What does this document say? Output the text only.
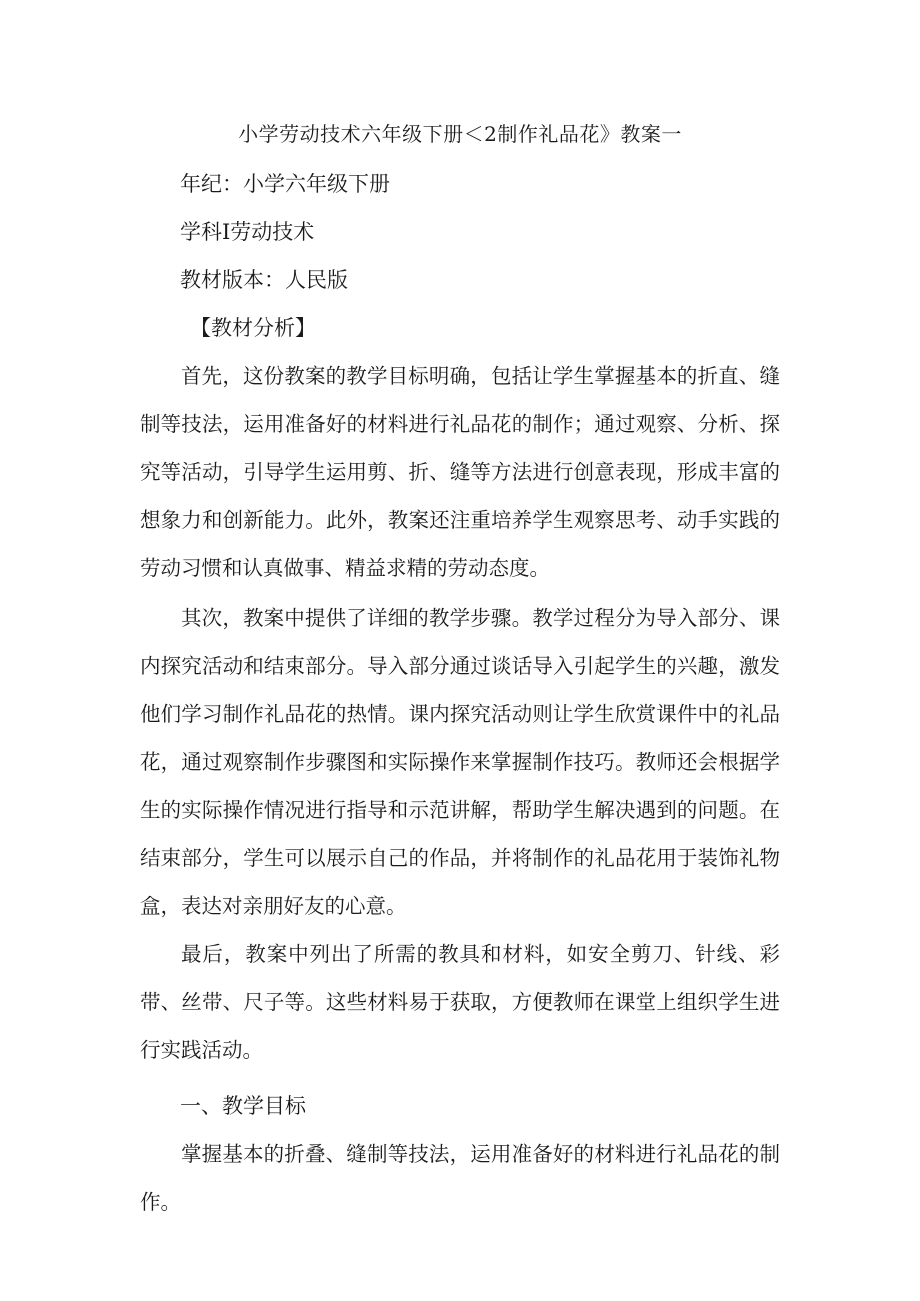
小学劳动技术六年级下册＜2制作礼品花》教案一
年纪：小学六年级下册
学科I劳动技术
教材版本：人民版
【教材分析】

首先，这份教案的教学目标明确，包括让学生掌握基本的折直、缝制等技法，运用准备好的材料进行礼品花的制作；通过观察、分析、探究等活动，引导学生运用剪、折、缝等方法进行创意表现，形成丰富的想象力和创新能力。此外，教案还注重培养学生观察思考、动手实践的劳动习惯和认真做事、精益求精的劳动态度。

其次，教案中提供了详细的教学步骤。教学过程分为导入部分、课内探究活动和结束部分。导入部分通过谈话导入引起学生的兴趣，激发他们学习制作礼品花的热情。课内探究活动则让学生欣赏课件中的礼品花，通过观察制作步骤图和实际操作来掌握制作技巧。教师还会根据学生的实际操作情况进行指导和示范讲解，帮助学生解决遇到的问题。在结束部分，学生可以展示自己的作品，并将制作的礼品花用于装饰礼物盒，表达对亲朋好友的心意。

最后，教案中列出了所需的教具和材料，如安全剪刀、针线、彩带、丝带、尺子等。这些材料易于获取，方便教师在课堂上组织学生进行实践活动。

一、教学目标

掌握基本的折叠、缝制等技法，运用准备好的材料进行礼品花的制作。
